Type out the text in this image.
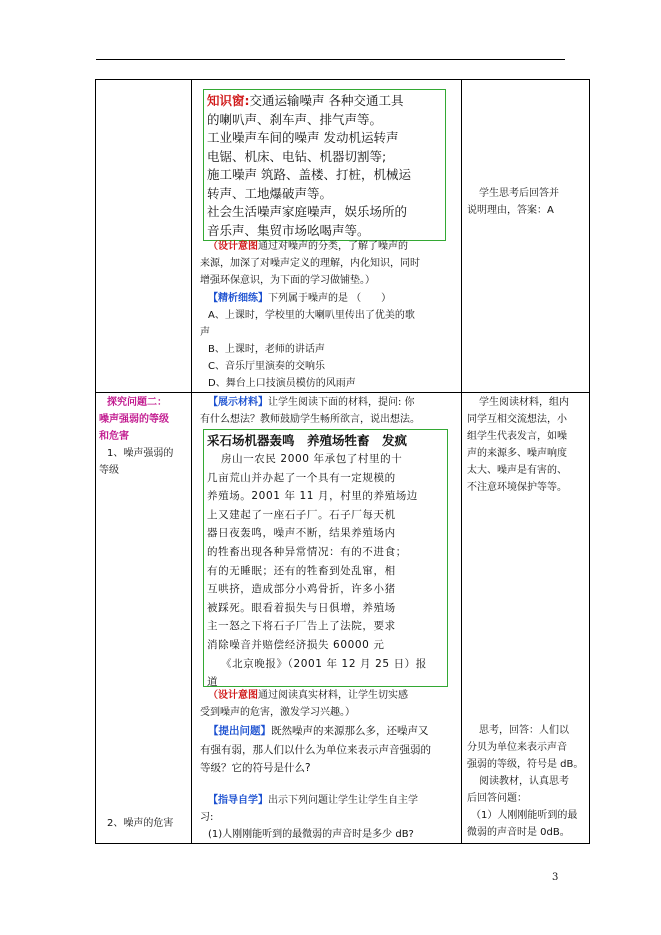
知识窗:交通运输噪声 各种交通工具

的喇叭声、刹车声、排气声等。

工业噪声车间的噪声 发动机运转声

电锯、机床、电钻、机器切割等;

施工噪声 筑路、盖楼、打桩，机械运

转声、工地爆破声等。

社会生活噪声家庭噪声，娱乐场所的

音乐声、集贸市场吆喝声等。

（设计意图通过对噪声的分类，了解了噪声的

来源，加深了对噪声定义的理解，内化知识，同时

增强环保意识，为下面的学习做铺垫。）

【精析细练】下列属于噪声的是 （　　）

A、上课时，学校里的大喇叭里传出了优美的歌

声

B、上课时，老师的讲话声

C、音乐厅里演奏的交响乐

D、舞台上口技演员模仿的风雨声

学生思考后回答并

说明理由，答案：A

探究问题二：

噪声强弱的等级

和危害

1、噪声强弱的

等级

2、噪声的危害

【展示材料】让学生阅读下面的材料，提问: 你

有什么想法？教师鼓励学生畅所欲言，说出想法。

采石场机器轰鸣　养殖场牲畜　发疯

房山一农民 2000 年承包了村里的十

几亩荒山并办起了一个具有一定规模的

养殖场。2001 年 11 月，村里的养殖场边

上又建起了一座石子厂。石子厂每天机

器日夜轰鸣，噪声不断，结果养殖场内

的牲畜出现各种异常情况：有的不进食；

有的无睡眠；还有的牲畜到处乱窜，相

互哄挤，造成部分小鸡骨折，许多小猪

被踩死。眼看着损失与日俱增，养殖场

主一怒之下将石子厂告上了法院，要求

消除噪音并赔偿经济损失 60000 元

《北京晚报》（2001 年 12 月 25 日）报

道

（设计意图通过阅读真实材料，让学生切实感

受到噪声的危害，激发学习兴趣。）

【提出问题】既然噪声的来源那么多，还噪声又

有强有弱，那人们以什么为单位来表示声音强弱的

等级？它的符号是什么?

【指导自学】出示下列问题让学生让学生自主学

习:

(1)人刚刚能听到的最微弱的声音时是多少 dB?

学生阅读材料，组内

同学互相交流想法，小

组学生代表发言，如噪

声的来源多、噪声响度

太大、噪声是有害的、

不注意环境保护等等。

思考，回答：人们以

分贝为单位来表示声音

强弱的等级，符号是 dB。

阅读教材，认真思考

后回答问题：

（1）人刚刚能听到的最

微弱的声音时是 0dB。

3
